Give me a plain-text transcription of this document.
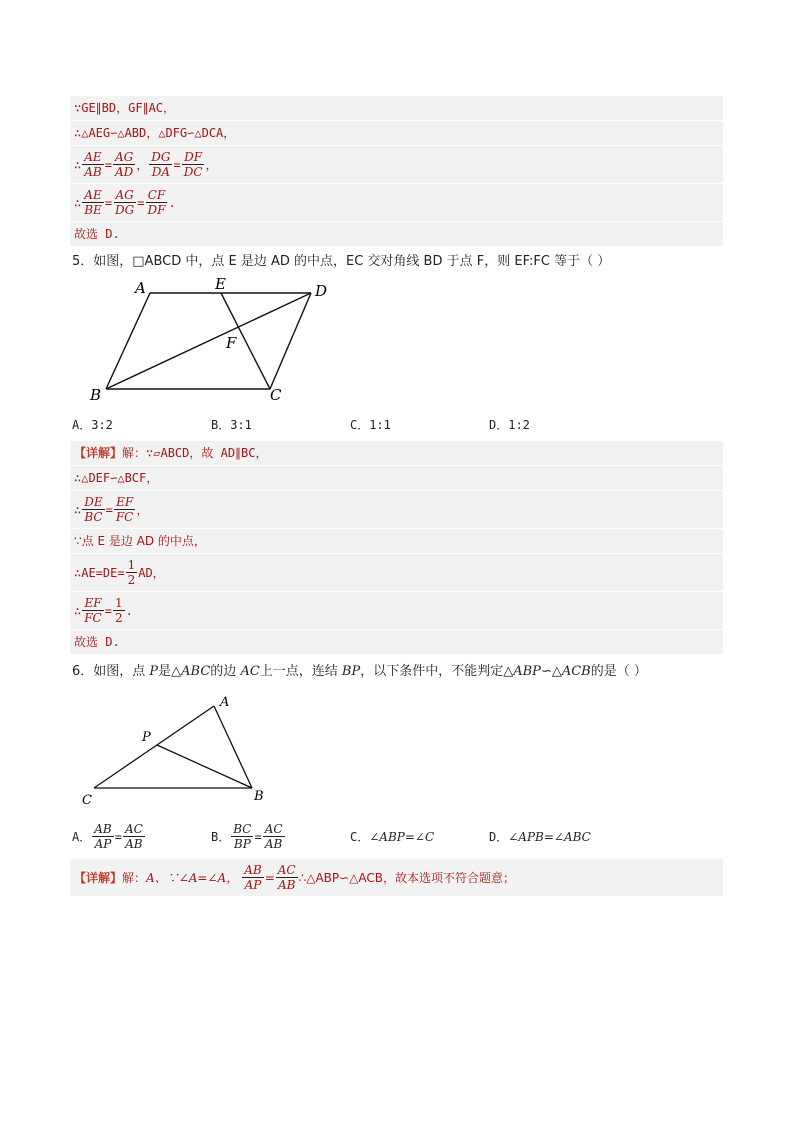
∵GE∥BD，GF∥AC，
∴△AEG∽△ABD，△DFG∽△DCA，
∴ $\frac{AE}{AB} = \frac{AG}{AD}$ ， $\frac{DG}{DA} = \frac{DF}{DC}$ ，
∴ $\frac{AE}{BE} = \frac{AG}{DG} = \frac{CF}{DF}$ .
故选 D.
5．如图，□ABCD 中，点 E 是边 AD 的中点，EC 交对角线 BD 于点 F，则 EF:FC 等于（ ）
A	E	D
F
B	C
A．3:2	B．3:1	C．1:1	D．1:2
【详解】 解：∵▱ABCD，故 AD∥BC，
∴△DEF∽△BCF，
∴ $\frac{DE}{BC} = \frac{EF}{FC}$ ，
∵点 E 是边 AD 的中点，
∴AE=DE= $\frac{1}{2}$ AD，
∴ $\frac{EF}{FC} = \frac{1}{2}$ .
故选 D.
6．如图，点 P是△ABC的边 AC上一点，连结 BP，以下条件中，不能判定△ABP∽△ACB的是（ ）
A
P
C	B
A． $\frac{AB}{AP} = \frac{AC}{AB}$	B． $\frac{BC}{BP} = \frac{AC}{AB}$	C． ∠ABP=∠C	D． ∠APB=∠ABC
【详解】 解： A、∵∠A=∠A， $\frac{AB}{AP} = \frac{AC}{AB}$ ∴△ABP∽△ACB，故本选项不符合题意；
